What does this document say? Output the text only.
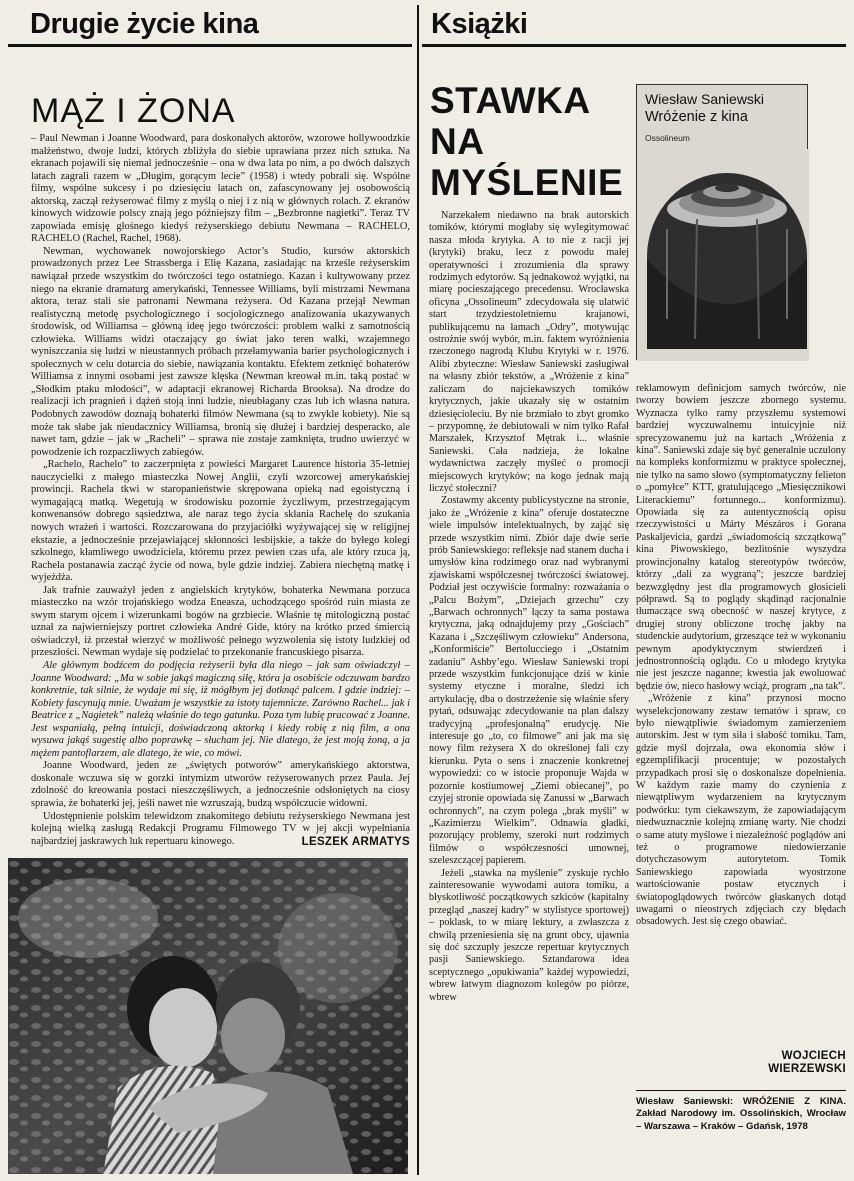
Drugie życie kina
MĄŻ I ŻONA

– Paul Newman i Joanne Woodward, para doskonałych aktorów, wzorowe hollywoodzkie małżeństwo, dwoje ludzi, których zbliżyła do siebie uprawiana przez nich sztuka. Na ekranach pojawili się niemal jednocześnie – ona w dwa lata po nim, a po dwóch dalszych latach zagrali razem w „Długim, gorącym lecie” (1958) i wtedy pobrali się. Wspólne filmy, wspólne sukcesy i po dziesięciu latach on, zafascynowany jej osobowością aktorską, zaczął reżyserować filmy z myślą o niej i z nią w głównych rolach. Z ekranów kinowych widzowie polscy znają jego późniejszy film – „Bezbronne nagietki”. Teraz TV zapowiada emisję głośnego kiedyś reżyserskiego debiutu Newmana – RACHELO, RACHELO (Rachel, Rachel, 1968).

Newman, wychowanek nowojorskiego Actor’s Studio, kursów aktorskich prowadzonych przez Lee Strassberga i Elię Kazana, zasiadając na krześle reżyserskim nawiązał przede wszystkim do twórczości tego ostatniego. Kazan i kultywowany przez niego na ekranie dramaturg amerykański, Tennessee Williams, byli mistrzami Newmana aktora, teraz stali sie patronami Newmana reżysera. Od Kazana przejął Newman realistyczną metodę psychologicznego i socjologicznego analizowania ukazywanych środowisk, od Williamsa – główną ideę jego twórczości: problem walki z samotnością człowieka. Williams widzi otaczający go świat jako teren walki, wzajemnego wyniszczania się ludzi w nieustannych próbach przełamywania barier psychologicznych i społecznych w celu dotarcia do siebie, nawiązania kontaktu. Efektem zetknięć bohaterów Williamsa z innymi osobami jest zawsze klęska (Newman kreował m.in. taką postać w „Słodkim ptaku młodości”, w adaptacji ekranowej Richarda Brooksa). Na drodze do realizacji ich pragnień i dążeń stoją inni ludzie, nieubłagany czas lub ich własna natura. Podobnych zawodów doznają bohaterki filmów Newmana (są to zwykle kobiety). Nie są może tak słabe jak nieudacznicy Williamsa, bronią się dłużej i bardziej desperacko, ale nawet tam, gdzie – jak w „Racheli” – sprawa nie zostaje zamknięta, trudno uwierzyć w powodzenie ich rozpaczliwych zabiegów.

„Rachelo, Rachelo” to zaczerpnięta z powieści Margaret Laurence historia 35-letniej nauczycielki z małego miasteczka Nowej Anglii, czyli wzorcowej amerykańskiej prowincji. Rachela tkwi w staropanieństwie skrępowana opieką nad egoistyczną i wymagającą matką. Wegetują w środowisku pozornie życzliwym, przestrzegającym konwenansów dobrego sąsiedztwa, ale naraz tego życia skłania Rachelę do szukania nowych wrażeń i wartości. Rozczarowana do przyjaciółki wyżywającej się w religijnej ekstazie, a jednocześnie przejawiającej skłonności lesbijskie, a także do byłego kolegi szkolnego, kłamliwego uwodziciela, któremu przez pewien czas ufa, ale który rzuca ją, Rachela postanawia zacząć życie od nowa, byle gdzie indziej. Zabiera niechętną matkę i wyjeżdża.

Jak trafnie zauważył jeden z angielskich krytyków, bohaterka Newmana porzuca miasteczko na wzór trojańskiego wodza Eneasza, uchodzącego spośród ruin miasta ze swym starym ojcem i wizerunkami bogów na grzbiecie. Właśnie tę mitologiczną postać uznał za najwierniejszy portret człowieka André Gide, który na krótko przed śmiercią oświadczył, iż przestał wierzyć w możliwość pełnego wyzwolenia się istoty ludzkiej od przeszłości. Newman wydaje się podzielać to przekonanie francuskiego pisarza.

Ale głównym bodźcem do podjęcia reżyserii była dla niego – jak sam oświadczył – Joanne Woodward: „Ma w sobie jakąś magiczną siłę, która ja osobiście odczuwam bardzo konkretnie, tak silnie, że wydaje mi się, iż mógłbym jej dotknąć palcem. I gdzie indziej: – Kobiety fascynują mnie. Uważam je wszystkie za istoty tajemnicze. Zarówno Rachel... jak i Beatrice z „Nagietek” należą właśnie do tego gatunku. Poza tym lubię pracować z Joanne. Jest wspaniałą, pełną intuicji, doświadczoną aktorką i kiedy robię z nią film, a ona wysuwa jakąś sugestię albo poprawkę – słucham jej. Nie dlatego, że jest moją żoną, a ja mężem pantoflarzem, ale dlatego, że wie, co mówi.

Joanne Woodward, jeden ze „świętych potworów” amerykańskiego aktorstwa, doskonale wczuwa się w gorzki intymizm utworów reżyserowanych przez Paula. Jej zdolność do kreowania postaci nieszczęśliwych, a jednocześnie odsłoniętych na ciosy sprawia, że bohaterki jej, jeśli nawet nie wzruszają, budzą współczucie widowni.

Udostępnienie polskim telewidzom znakomitego debiutu reżyserskiego Newmana jest kolejną wielką zasługą Redakcji Programu Filmowego TV w jej akcji wypełniania najbardziej jaskrawych luk repertuaru kinowego.	LESZEK ARMATYS
Książki
STAWKA
NA
MYŚLENIE

Narzekałem niedawno na brak autorskich tomików, którymi mogłaby się wylegitymować nasza młoda krytyka. A to nie z racji jej (krytyki) braku, lecz z powodu małej operatywności i zrozumienia dla sprawy rodzimych edytorów. Są jednakowoż wyjątki, na miarę pocieszającego precedensu. Wrocławska oficyna „Ossolineum” zdecydowała się ulatwić start trzydziestoletniemu krajanowi, publikującemu na łamach „Odry”, motywując ostrożnie swój wybór, m.in. faktem wyróżnienia rzeczonego nagrodą Klubu Krytyki w r. 1976. Alibi zbyteczne: Wiesław Saniewski zasługiwał na własny zbiór tekstów, a „Wróżenie z kina” zaliczam do najciekawszych tomików krytycznych, jakie ukazały się w ostatnim dziesięcioleciu. By nie brzmiało to zbyt gromko – przypomnę, że debiutowali w nim tylko Rafał Marszałek, Krzysztof Mętrak i... właśnie Saniewski. Cała nadzieja, że lokalne wydawnictwa zaczęły myśleć o promocji miejscowych krytyków; na kogo jednak mają liczyć stołeczni?

Zostawmy akcenty publicystyczne na stronie, jako że „Wróżenie z kina” oferuje dostateczne wiele impulsów intelektualnych, by zająć się przede wszystkim nimi. Zbiór daje dwie serie prób Saniewskiego: refleksje nad stanem ducha i umysłów kina rodzimego oraz nad wybranymi zjawiskami współczesnej twórczości światowej. Podział jest oczywiście formalny: rozważania o „Palcu Bożym”, „Dziejach grzechu” czy „Barwach ochronnych” łączy ta sama postawa krytyczna, jaką odnajdujemy przy „Gościach” Kazana i „Szczęśliwym człowieku” Andersona, „Konformiście” Bertolucciego i „Ostatnim zadaniu” Ashby’ego. Wiesław Saniewski tropi przede wszystkim funkcjonujące dziś w kinie systemy etyczne i moralne, śledzi ich artykulację, dba o dostrzeżenie się właśnie sfery pytań, odsuwając zdecydowanie na plan dalszy tradycyjną „profesjonalną” erudycję. Nie interesuje go „to, co filmowe” ani jak ma się nowy film reżysera X do określonej fali czy kierunku. Pyta o sens i znaczenie konkretnej wypowiedzi: co w istocie proponuje Wajda w pozornie kostiumowej „Ziemi obiecanej”, po czyjej stronie opowiada się Zanussi w „Barwach ochronnych”, na czym polega „brak myśli” w „Kazimierzu Wielkim”. Odnawia gładki, pozorujący problemy, szeroki nurt rodzimych filmów o współczesności umownej, szeleszczącej papierem.

Jeżeli „stawka na myślenie” zyskuje rychło zainteresowanie wywodami autora tomiku, a błyskotliwość początkowych szkiców (kapitalny przegląd „naszej kadry” w stylistyce sportowej) – poklask, to w miarę lektury, a zwłaszcza z chwilą przeniesienia się na grunt obcy, ujawnia się doć szczupły jeszcze repertuar krytycznych pasji Saniewskiego. Sztandarowa idea sceptycznego „opukiwania” każdej wypowiedzi, wbrew łatwym diagnozom kolegów po piórze, wbrew

Wiesław Saniewski
Wróżenie z kina
Ossolineum

reklamowym definicjom samych twórców, nie tworzy bowiem jeszcze zbornego systemu. Wyznacza tylko ramy przyszłemu systemowi bardziej wyczuwalnemu intuicyjnie niż sprecyzowanemu już na kartach „Wróżenia z kina”. Saniewski zdaje się być generalnie uczulony na kompleks konformizmu w praktyce społecznej, nie tylko na samo słowo (symptomatyczny felieton o „pomyłce” KTT, gratulującego „Miesięcznikowi Literackiemu” fortunnego... konformizmu). Opowiada się za autentycznością opisu rzeczywistości u Márty Mészáros i Gorana Paskaljevicia, gardzi „świadomością szczątkową” kina Piwowskiego, bezlitośnie wyszydza prowincjonalny katalog stereotypów twórców, którzy „dali za wygraną”; jeszcze bardziej bezwzględny jest dla programowych głosicieli półprawd. Są to poglądy skądinąd racjonalnie tłumaczące swą obecność w naszej krytyce, z drugiej strony obliczone trochę jakby na studenckie audytorium, grzeszące też w wykonaniu pewnym apodyktycznym stwierdzeń i jednostronnością oglądu. Co u młodego krytyka nie jest jeszcze naganne; kwestia jak ewoluować będzie ów, nieco hasłowy wciąż, program „na tak”.

„Wróżenie z kina” przynosi mocno wyselekcjonowany zestaw tematów i spraw, co było niewątpliwie świadomym zamierzeniem autorskim. Jest w tym siła i słabość tomiku. Tam, gdzie myśl dojrzała, owa ekonomia słów i egzemplifikacji procentuje; w pozostałych przypadkach prosi się o doskonalsze dopełnienia. W każdym razie mamy do czynienia z niewątpliwym wydarzeniem na krytycznym podwórku: tym ciekawszym, że zapowiadającym niedwuznacznie kolejną zmianę warty. Nie chodzi o same atuty myślowe i niezależność poglądów ani też o programowe niedowierzanie dotychczasowym autorytetom. Tomik Saniewskiego zapowiada wyostrzone wartościowanie postaw etycznych i światopoglądowych twórców głaskanych dotąd uwagami o nieostrych zdjęciach czy błędach obsadowych. Jest się czego obawiać.

WOJCIECH
WIERZEWSKI

Wiesław Saniewski: WRÓŻENIE Z KINA. Zakład Narodowy im. Ossolińskich, Wrocław – Warszawa – Kraków – Gdańsk, 1978
